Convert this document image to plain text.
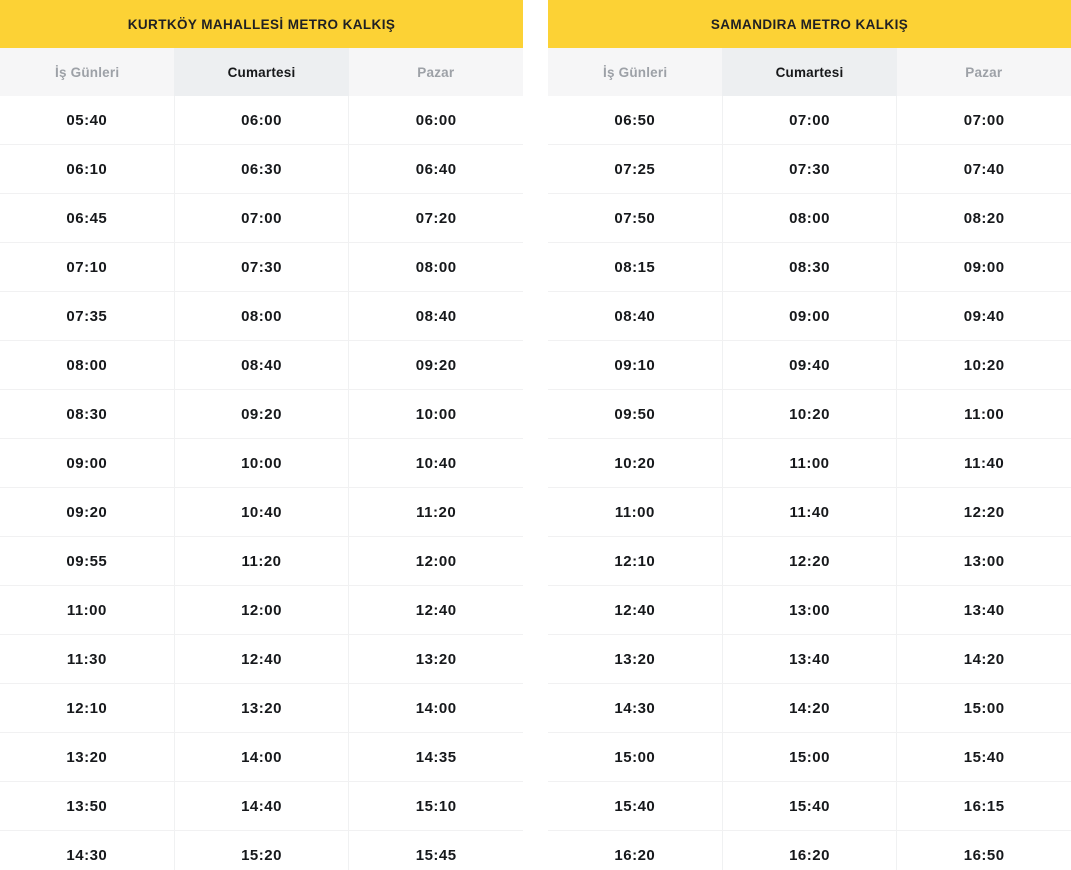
KURTKÖY MAHALLESİ METRO KALKIŞ
İş Günleri	Cumartesi	Pazar
05:40	06:00	06:00
06:10	06:30	06:40
06:45	07:00	07:20
07:10	07:30	08:00
07:35	08:00	08:40
08:00	08:40	09:20
08:30	09:20	10:00
09:00	10:00	10:40
09:20	10:40	11:20
09:55	11:20	12:00
11:00	12:00	12:40
11:30	12:40	13:20
12:10	13:20	14:00
13:20	14:00	14:35
13:50	14:40	15:10
14:30	15:20	15:45
SAMANDIRA METRO KALKIŞ
İş Günleri	Cumartesi	Pazar
06:50	07:00	07:00
07:25	07:30	07:40
07:50	08:00	08:20
08:15	08:30	09:00
08:40	09:00	09:40
09:10	09:40	10:20
09:50	10:20	11:00
10:20	11:00	11:40
11:00	11:40	12:20
12:10	12:20	13:00
12:40	13:00	13:40
13:20	13:40	14:20
14:30	14:20	15:00
15:00	15:00	15:40
15:40	15:40	16:15
16:20	16:20	16:50
